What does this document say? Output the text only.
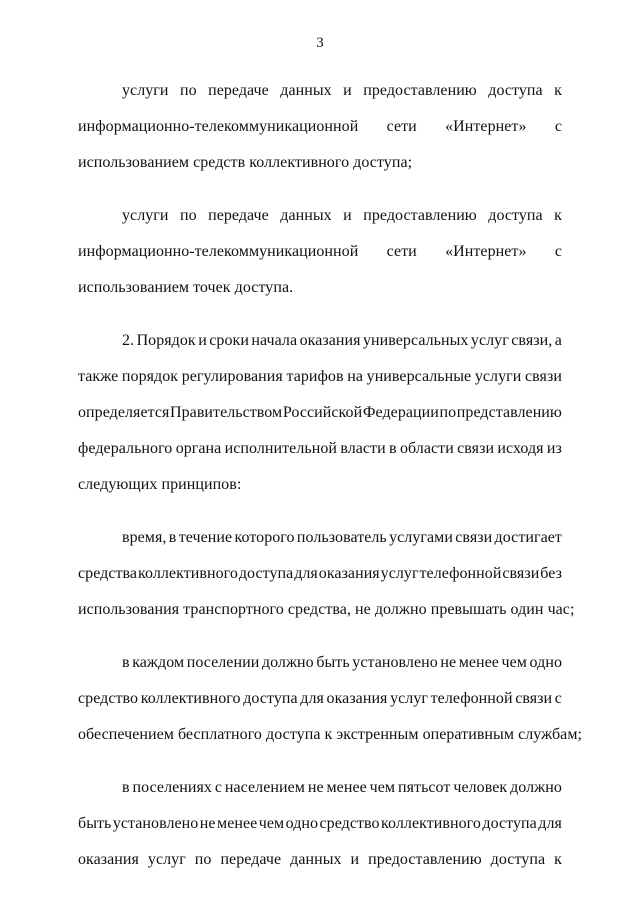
3

услуги по передаче данных и предоставлению доступа к
информационно-телекоммуникационной сети «Интернет» с
использованием средств коллективного доступа;

услуги по передаче данных и предоставлению доступа к
информационно-телекоммуникационной сети «Интернет» с
использованием точек доступа.

2. Порядок и сроки начала оказания универсальных услуг связи, а
также порядок регулирования тарифов на универсальные услуги связи
определяется Правительством Российской Федерации по представлению
федерального органа исполнительной власти в области связи исходя из
следующих принципов:

время, в течение которого пользователь услугами связи достигает
средства коллективного доступа для оказания услуг телефонной связи без
использования транспортного средства, не должно превышать один час;

в каждом поселении должно быть установлено не менее чем одно
средство коллективного доступа для оказания услуг телефонной связи с
обеспечением бесплатного доступа к экстренным оперативным службам;

в поселениях с населением не менее чем пятьсот человек должно
быть установлено не менее чем одно средство коллективного доступа для
оказания услуг по передаче данных и предоставлению доступа к
